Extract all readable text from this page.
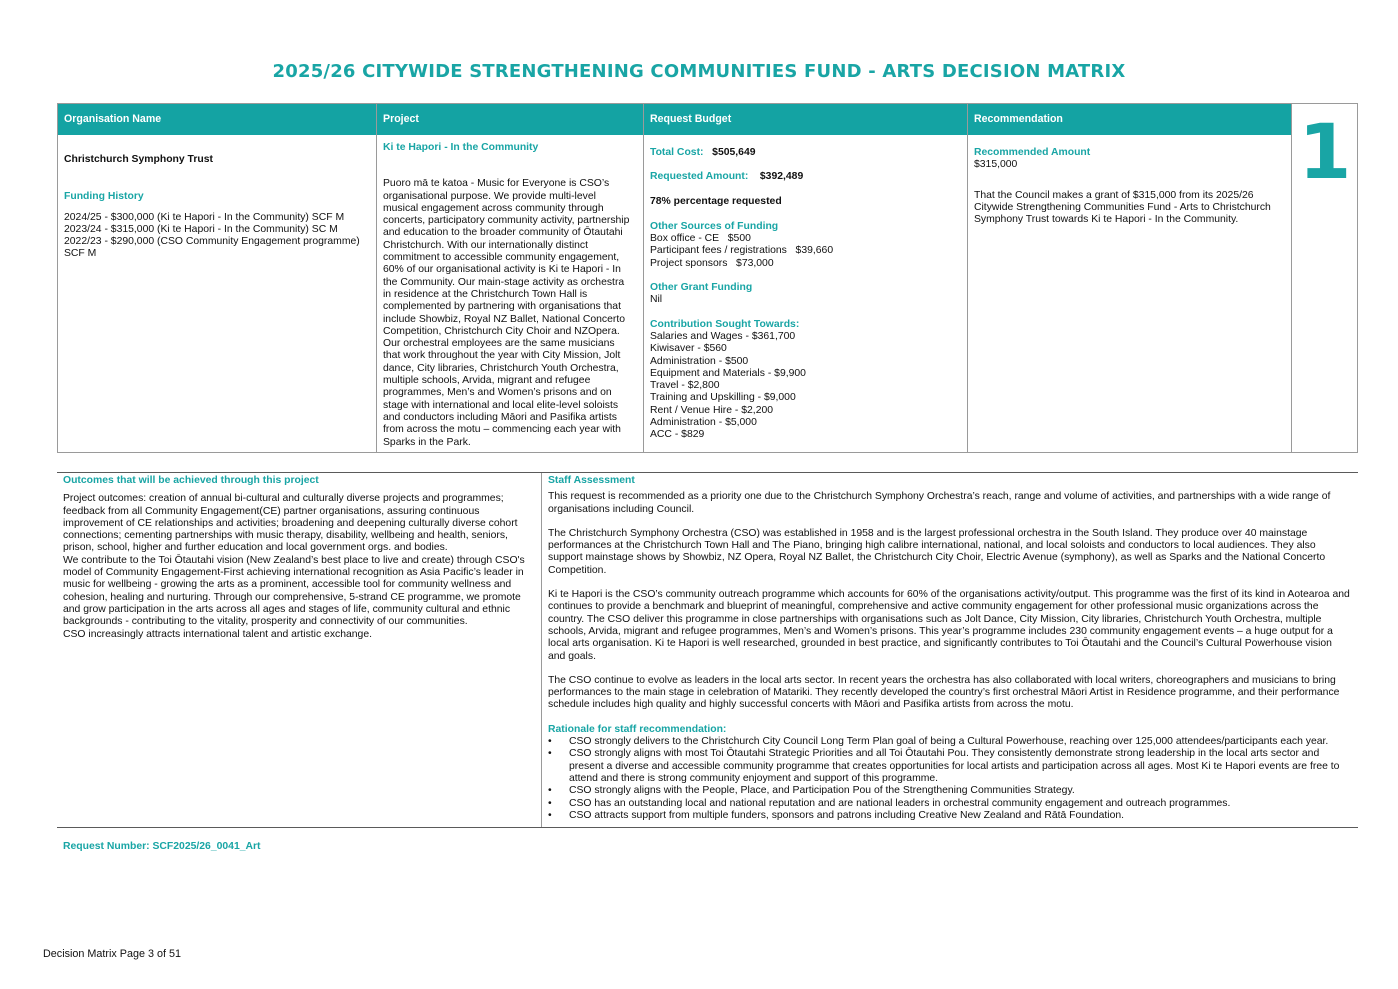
2025/26 CITYWIDE STRENGTHENING COMMUNITIES FUND - ARTS DECISION MATRIX
Organisation Name
Christchurch Symphony Trust
Funding History
2024/25 - $300,000 (Ki te Hapori - In the Community) SCF M
2023/24 - $315,000 (Ki te Hapori - In the Community) SC M
2022/23 - $290,000 (CSO Community Engagement programme)
SCF M
Project
Ki te Hapori - In the Community
Puoro mā te katoa - Music for Everyone is CSO’s
organisational purpose. We provide multi-level
musical engagement across community through
concerts, participatory community activity, partnership
and education to the broader community of Ōtautahi
Christchurch. With our internationally distinct
commitment to accessible community engagement,
60% of our organisational activity is Ki te Hapori - In
the Community. Our main-stage activity as orchestra
in residence at the Christchurch Town Hall is
complemented by partnering with organisations that
include Showbiz, Royal NZ Ballet, National Concerto
Competition, Christchurch City Choir and NZOpera.
Our orchestral employees are the same musicians
that work throughout the year with City Mission, Jolt
dance, City libraries, Christchurch Youth Orchestra,
multiple schools, Arvida, migrant and refugee
programmes, Men’s and Women’s prisons and on
stage with international and local elite-level soloists
and conductors including Māori and Pasifika artists
from across the motu – commencing each year with
Sparks in the Park.
Request Budget
Total Cost: $505,649
Requested Amount: $392,489
78% percentage requested
Other Sources of Funding
Box office - CE   $500
Participant fees / registrations   $39,660
Project sponsors   $73,000
Other Grant Funding
Nil
Contribution Sought Towards:
Salaries and Wages - $361,700
Kiwisaver - $560
Administration - $500
Equipment and Materials - $9,900
Travel - $2,800
Training and Upskilling - $9,000
Rent / Venue Hire - $2,200
Administration - $5,000
ACC - $829
Recommendation
Recommended Amount
$315,000
That the Council makes a grant of $315,000 from its 2025/26 Citywide Strengthening Communities Fund - Arts to Christchurch Symphony Trust towards Ki te Hapori - In the Community.
1
Outcomes that will be achieved through this project

Project outcomes: creation of annual bi-cultural and culturally diverse projects and programmes; feedback from all Community Engagement(CE) partner organisations, assuring continuous improvement of CE relationships and activities; broadening and deepening culturally diverse cohort connections; cementing partnerships with music therapy, disability, wellbeing and health, seniors, prison, school, higher and further education and local government orgs. and bodies.

We contribute to the Toi Ōtautahi vision (New Zealand’s best place to live and create) through CSO's model of Community Engagement-First achieving international recognition as Asia Pacific’s leader in music for wellbeing - growing the arts as a prominent, accessible tool for community wellness and cohesion, healing and nurturing. Through our comprehensive, 5-strand CE programme, we promote and grow participation in the arts across all ages and stages of life, community cultural and ethnic backgrounds - contributing to the vitality, prosperity and connectivity of our communities.

CSO increasingly attracts international talent and artistic exchange.

Staff Assessment

This request is recommended as a priority one due to the Christchurch Symphony Orchestra’s reach, range and volume of activities, and partnerships with a wide range of organisations including Council.

The Christchurch Symphony Orchestra (CSO) was established in 1958 and is the largest professional orchestra in the South Island. They produce over 40 mainstage performances at the Christchurch Town Hall and The Piano, bringing high calibre international, national, and local soloists and conductors to local audiences. They also support mainstage shows by Showbiz, NZ Opera, Royal NZ Ballet, the Christchurch City Choir, Electric Avenue (symphony), as well as Sparks and the National Concerto Competition.

Ki te Hapori is the CSO’s community outreach programme which accounts for 60% of the organisations activity/output. This programme was the first of its kind in Aotearoa and continues to provide a benchmark and blueprint of meaningful, comprehensive and active community engagement for other professional music organizations across the country. The CSO deliver this programme in close partnerships with organisations such as Jolt Dance, City Mission, City libraries, Christchurch Youth Orchestra, multiple schools, Arvida, migrant and refugee programmes, Men’s and Women’s prisons. This year’s programme includes 230 community engagement events – a huge output for a local arts organisation. Ki te Hapori is well researched, grounded in best practice, and significantly contributes to Toi Ōtautahi and the Council’s Cultural Powerhouse vision and goals.

The CSO continue to evolve as leaders in the local arts sector. In recent years the orchestra has also collaborated with local writers, choreographers and musicians to bring performances to the main stage in celebration of Matariki. They recently developed the country’s first orchestral Māori Artist in Residence programme, and their performance schedule includes high quality and highly successful concerts with Māori and Pasifika artists from across the motu.

Rationale for staff recommendation:
• CSO strongly delivers to the Christchurch City Council Long Term Plan goal of being a Cultural Powerhouse, reaching over 125,000 attendees/participants each year.
• CSO strongly aligns with most Toi Ōtautahi Strategic Priorities and all Toi Ōtautahi Pou. They consistently demonstrate strong leadership in the local arts sector and present a diverse and accessible community programme that creates opportunities for local artists and participation across all ages. Most Ki te Hapori events are free to attend and there is strong community enjoyment and support of this programme.
• CSO strongly aligns with the People, Place, and Participation Pou of the Strengthening Communities Strategy.
• CSO has an outstanding local and national reputation and are national leaders in orchestral community engagement and outreach programmes.
• CSO attracts support from multiple funders, sponsors and patrons including Creative New Zealand and Rātā Foundation.
Request Number: SCF2025/26_0041_Art
Decision Matrix Page 3 of 51
